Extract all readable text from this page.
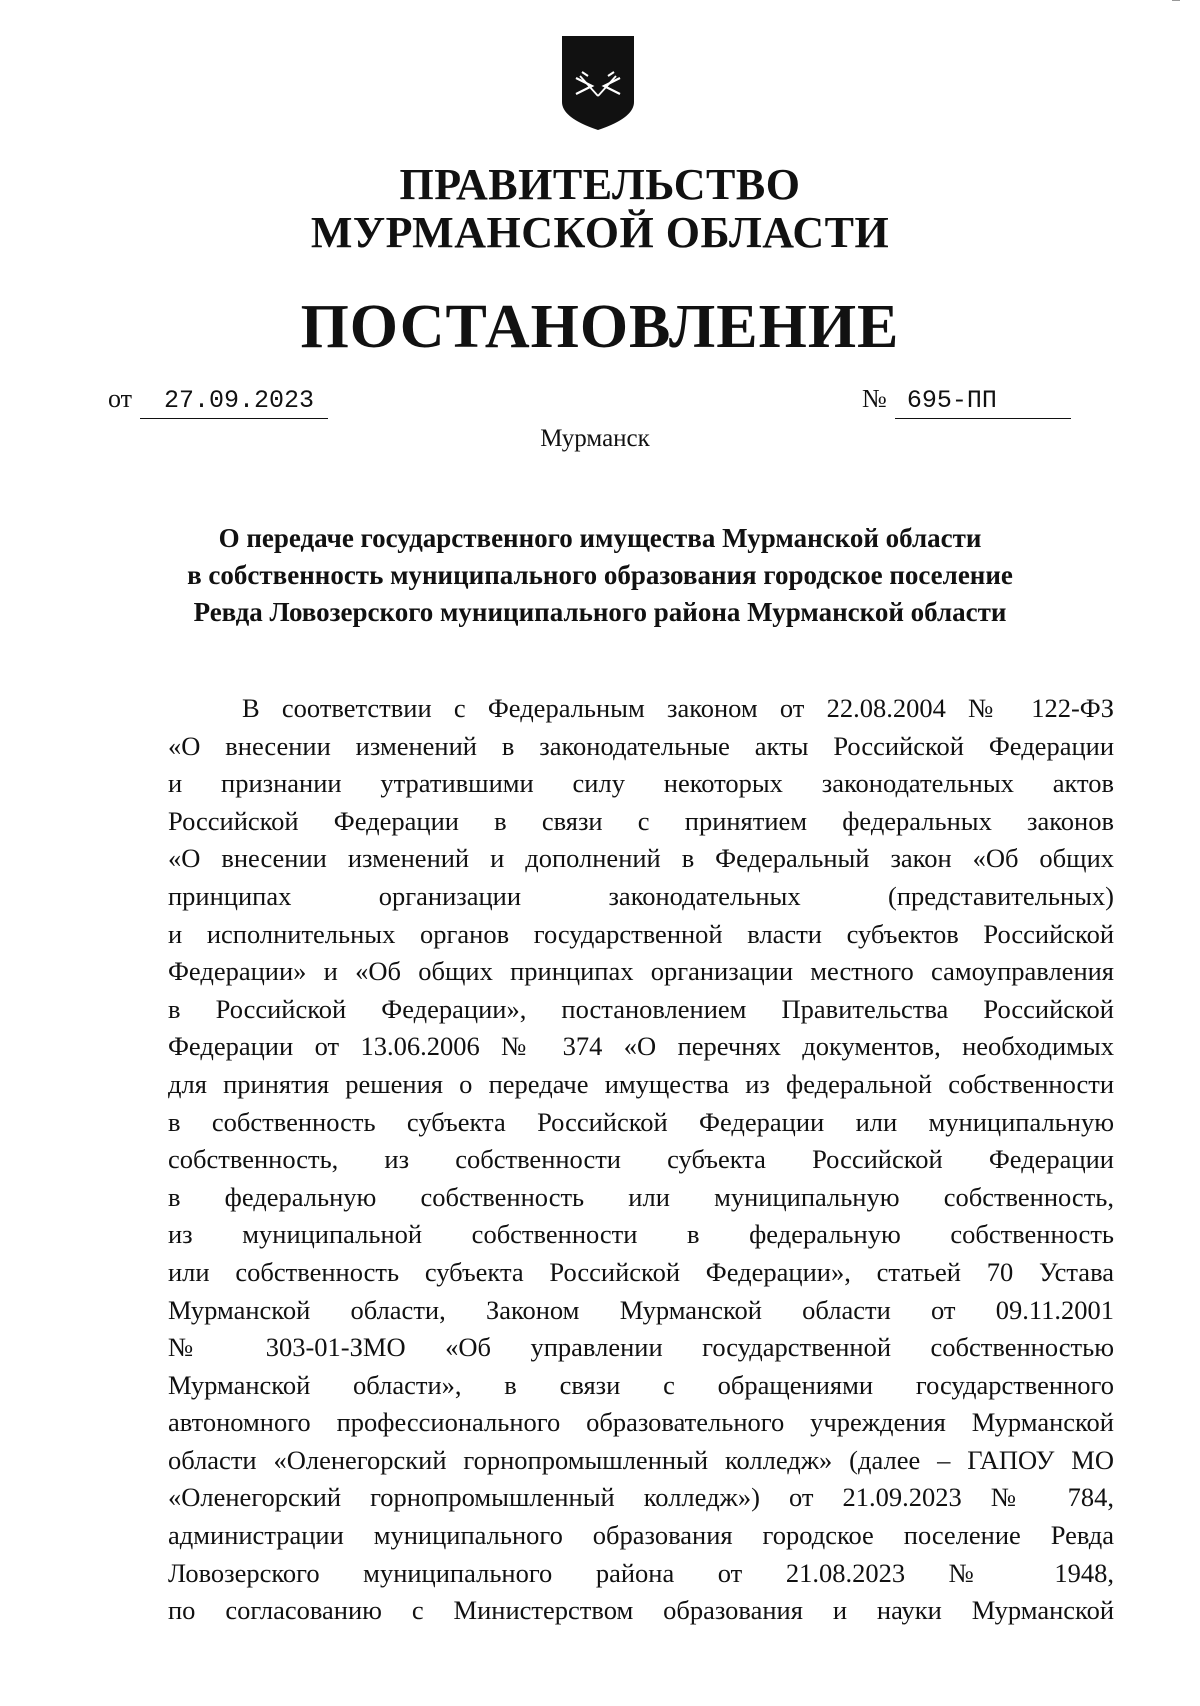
ПРАВИТЕЛЬСТВО
МУРМАНСКОЙ ОБЛАСТИ
ПОСТАНОВЛЕНИЕ
от 27.09.2023	№ 695-ПП
Мурманск
О передаче государственного имущества Мурманской области
в собственность муниципального образования городское поселение
Ревда Ловозерского муниципального района Мурманской области
В соответствии с Федеральным законом от 22.08.2004 № 122-ФЗ
«О внесении изменений в законодательные акты Российской Федерации
и признании утратившими силу некоторых законодательных актов
Российской Федерации в связи с принятием федеральных законов
«О внесении изменений и дополнений в Федеральный закон «Об общих
принципах организации законодательных (представительных)
и исполнительных органов государственной власти субъектов Российской
Федерации» и «Об общих принципах организации местного самоуправления
в Российской Федерации», постановлением Правительства Российской
Федерации от 13.06.2006 № 374 «О перечнях документов, необходимых
для принятия решения о передаче имущества из федеральной собственности
в собственность субъекта Российской Федерации или муниципальную
собственность, из собственности субъекта Российской Федерации
в федеральную собственность или муниципальную собственность,
из муниципальной собственности в федеральную собственность
или собственность субъекта Российской Федерации», статьей 70 Устава
Мурманской области, Законом Мурманской области от 09.11.2001
№ 303-01-ЗМО «Об управлении государственной собственностью
Мурманской области», в связи с обращениями государственного
автономного профессионального образовательного учреждения Мурманской
области «Оленегорский горнопромышленный колледж» (далее – ГАПОУ МО
«Оленегорский горнопромышленный колледж») от 21.09.2023 № 784,
администрации муниципального образования городское поселение Ревда
Ловозерского муниципального района от 21.08.2023 № 1948,
по согласованию с Министерством образования и науки Мурманской
